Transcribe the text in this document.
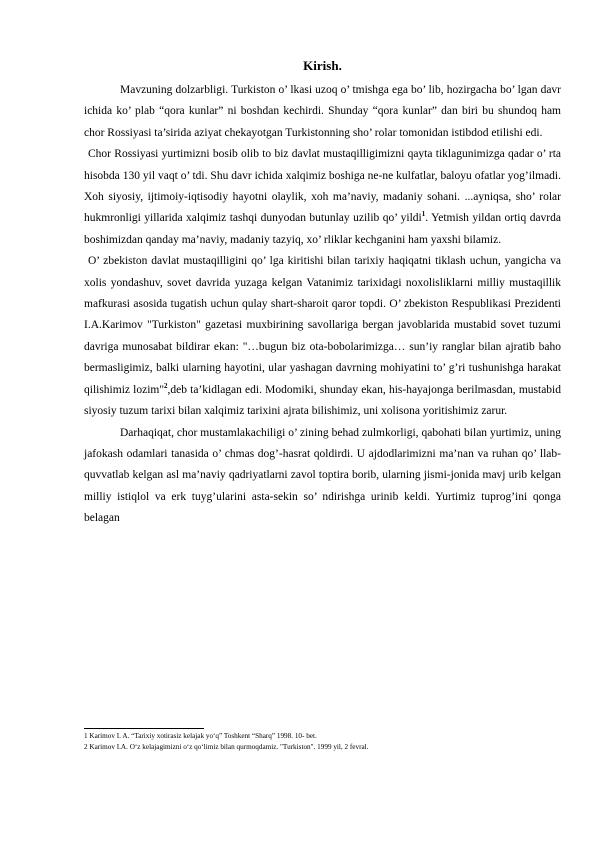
Kirish.

Mavzuning dolzarbligi. Turkiston o’ lkasi uzoq o’ tmishga ega bo’ lib, hozirgacha bo’ lgan davr ichida ko’ plab “qora kunlar” ni boshdan kechirdi. Shunday “qora kunlar” dan biri bu shundoq ham chor Rossiyasi ta’sirida aziyat chekayotgan Turkistonning sho’ rolar tomonidan istibdod etilishi edi.

Chor Rossiyasi yurtimizni bosib olib to biz davlat mustaqilligimizni qayta tiklagunimizga qadar o’ rta hisobda 130 yil vaqt o’ tdi. Shu davr ichida xalqimiz boshiga ne-ne kulfatlar, baloyu ofatlar yog’ilmadi. Xoh siyosiy, ijtimoiy-iqtisodiy hayotni olaylik, xoh ma’naviy, madaniy sohani. ...ayniqsa, sho’ rolar hukmronligi yillarida xalqimiz tashqi dunyodan butunlay uzilib qo’ yildi$^1$. Yetmish yildan ortiq davrda boshimizdan qanday ma’naviy, madaniy tazyiq, xo’ rliklar kechganini ham yaxshi bilamiz.

O’ zbekiston davlat mustaqilligini qo’ lga kiritishi bilan tarixiy haqiqatni tiklash uchun, yangicha va xolis yondashuv, sovet davrida yuzaga kelgan Vatanimiz tarixidagi noxolisliklarni milliy mustaqillik mafkurasi asosida tugatish uchun qulay shart-sharoit qaror topdi. O’ zbekiston Respublikasi Prezidenti I.A.Karimov "Turkiston" gazetasi muxbirining savollariga bergan javoblarida mustabid sovet tuzumi davriga munosabat bildirar ekan: "…bugun biz ota-bobolarimizga… sun’iy ranglar bilan ajratib baho bermasligimiz, balki ularning hayotini, ular yashagan davrning mohiyatini to’ g’ri tushunishga harakat qilishimiz lozim"$^2$,deb ta’kidlagan edi. Modomiki, shunday ekan, his-hayajonga berilmasdan, mustabid siyosiy tuzum tarixi bilan xalqimiz tarixini ajrata bilishimiz, uni xolisona yoritishimiz zarur.

Darhaqiqat, chor mustamlakachiligi o’ zining behad zulmkorligi, qabohati bilan yurtimiz, uning jafokash odamlari tanasida o’ chmas dog’-hasrat qoldirdi. U ajdodlarimizni ma’nan va ruhan qo’ llab-quvvatlab kelgan asl ma’naviy qadriyatlarni zavol toptira borib, ularning jismi-jonida mavj urib kelgan milliy istiqlol va erk tuyg’ularini asta-sekin so’ ndirishga urinib keldi. Yurtimiz tuprog’ini qonga belagan

1 Karimov I. A. “Tarixiy xotirasiz kelajak yo‘q” Toshkent “Sharq” 1998. 10- bet.
2 Karimov I.A. O‘z kelajagimizni o‘z qo‘limiz bilan qurmoqdamiz. "Turkiston". 1999 yil, 2 fevral.
